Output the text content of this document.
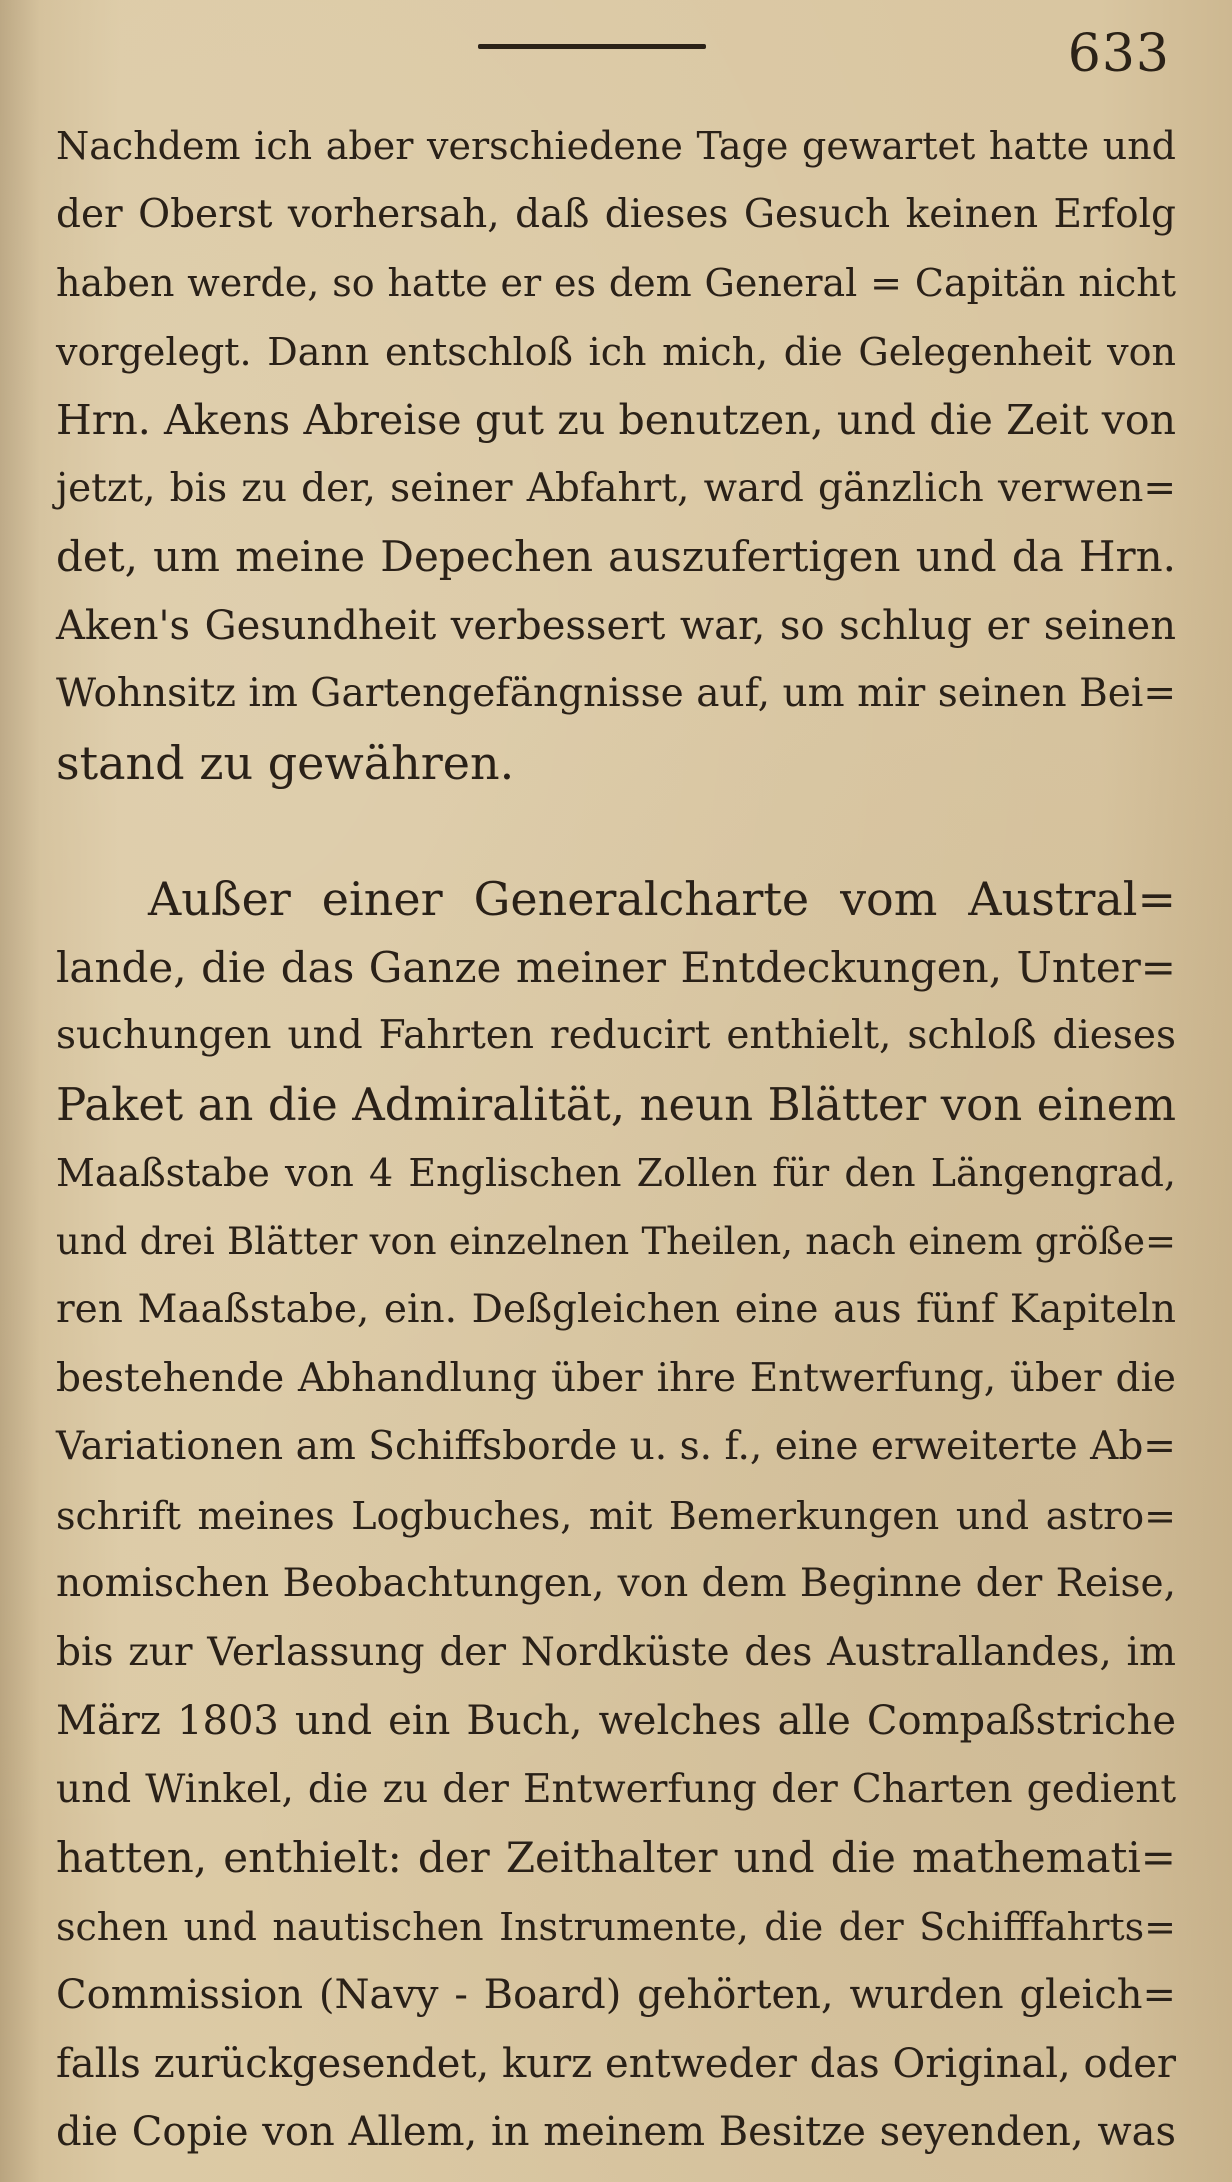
633
Nachdem ich aber verschiedene Tage gewartet hatte und
der Oberst vorhersah, daß dieses Gesuch keinen Erfolg
haben werde, so hatte er es dem General = Capitän nicht
vorgelegt. Dann entschloß ich mich, die Gelegenheit von
Hrn. Akens Abreise gut zu benutzen, und die Zeit von
jetzt, bis zu der, seiner Abfahrt, ward gänzlich verwen=
det, um meine Depechen auszufertigen und da Hrn.
Aken's Gesundheit verbessert war, so schlug er seinen
Wohnsitz im Gartengefängnisse auf, um mir seinen Bei=
stand zu gewähren.
Außer einer Generalcharte vom Austral=
lande, die das Ganze meiner Entdeckungen, Unter=
suchungen und Fahrten reducirt enthielt, schloß dieses
Paket an die Admiralität, neun Blätter von einem
Maaßstabe von 4 Englischen Zollen für den Längengrad,
und drei Blätter von einzelnen Theilen, nach einem größe=
ren Maaßstabe, ein. Deßgleichen eine aus fünf Kapiteln
bestehende Abhandlung über ihre Entwerfung, über die
Variationen am Schiffsborde u. s. f., eine erweiterte Ab=
schrift meines Logbuches, mit Bemerkungen und astro=
nomischen Beobachtungen, von dem Beginne der Reise,
bis zur Verlassung der Nordküste des Australlandes, im
März 1803 und ein Buch, welches alle Compaßstriche
und Winkel, die zu der Entwerfung der Charten gedient
hatten, enthielt: der Zeithalter und die mathemati=
schen und nautischen Instrumente, die der Schifffahrts=
Commission (Navy - Board) gehörten, wurden gleich=
falls zurückgesendet, kurz entweder das Original, oder
die Copie von Allem, in meinem Besitze seyenden, was
